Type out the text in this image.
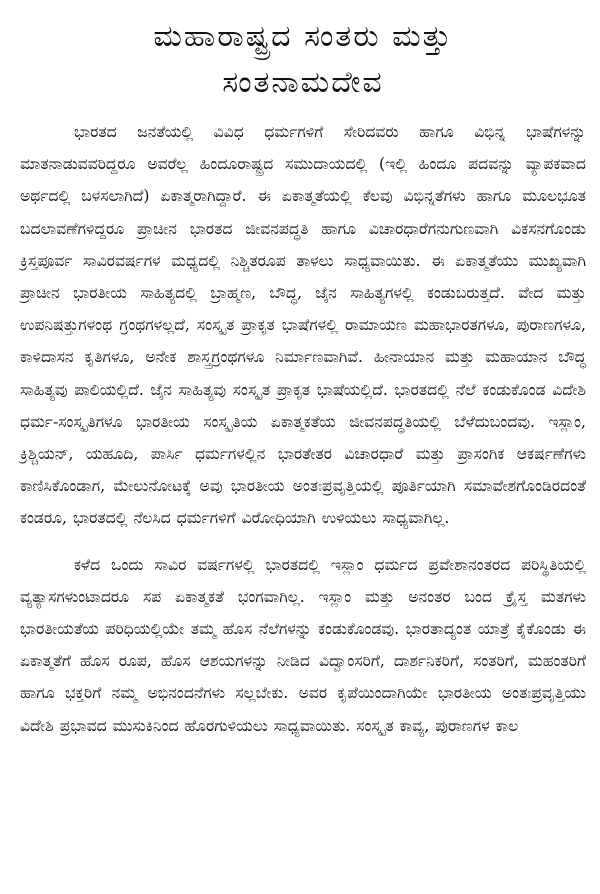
ಮಹಾರಾಷ್ಟ್ರದ ಸಂತರು ಮತ್ತು
ಸಂತನಾಮದೇವ

ಭಾರತದ ಜನತೆಯಲ್ಲಿ ವಿವಿಧ ಧರ್ಮಗಳಿಗೆ ಸೇರಿದವರು ಹಾಗೂ ವಿಭಿನ್ನ ಭಾಷೆಗಳನ್ನು ಮಾತನಾಡುವವರಿದ್ದರೂ ಅವರೆಲ್ಲ ಹಿಂದೂರಾಷ್ಟ್ರದ ಸಮುದಾಯದಲ್ಲಿ (ಇಲ್ಲಿ ಹಿಂದೂ ಪದವನ್ನು ವ್ಯಾಪಕವಾದ ಅರ್ಥದಲ್ಲಿ ಬಳಸಲಾಗಿದೆ) ಏಕಾತ್ಮರಾಗಿದ್ದಾರೆ. ಈ ಏಕಾತ್ಮತೆಯಲ್ಲಿ ಕೆಲವು ವಿಭಿನ್ನತೆಗಳು ಹಾಗೂ ಮೂಲಭೂತ ಬದಲಾವಣೆಗಳಿದ್ದರೂ ಪ್ರಾಚೀನ ಭಾರತದ ಜೀವನಪದ್ಧತಿ ಹಾಗೂ ವಿಚಾರಧಾರೆಗನುಗುಣವಾಗಿ ವಿಕಸನಗೊಂಡು ಕ್ರಿಸ್ತಪೂರ್ವ ಸಾವಿರವರ್ಷಗಳ ಮಧ್ಯದಲ್ಲಿ ನಿಶ್ಚಿತರೂಪ ತಾಳಲು ಸಾಧ್ಯವಾಯಿತು. ಈ ಏಕಾತ್ಮತೆಯು ಮುಖ್ಯವಾಗಿ ಪ್ರಾಚೀನ ಭಾರತೀಯ ಸಾಹಿತ್ಯದಲ್ಲಿ ಬ್ರಾಹ್ಮಣ, ಬೌದ್ಧ, ಜೈನ ಸಾಹಿತ್ಯಗಳಲ್ಲಿ ಕಂಡುಬರುತ್ತದೆ. ವೇದ ಮತ್ತು ಉಪನಿಷತ್ತುಗಳಂಥ ಗ್ರಂಥಗಳಲ್ಲದೆ, ಸಂಸ್ಕೃತ ಪ್ರಾಕೃತ ಭಾಷೆಗಳಲ್ಲಿ ರಾಮಾಯಣ ಮಹಾಭಾರತಗಳೂ, ಪುರಾಣಗಳೂ, ಕಾಳಿದಾಸನ ಕೃತಿಗಳೂ, ಅನೇಕ ಶಾಸ್ತ್ರಗ್ರಂಥಗಳೂ ನಿರ್ಮಾಣವಾಗಿವೆ. ಹೀನಾಯಾನ ಮತ್ತು ಮಹಾಯಾನ ಬೌದ್ಧ ಸಾಹಿತ್ಯವು ಪಾಲಿಯಲ್ಲಿದೆ. ಜೈನ ಸಾಹಿತ್ಯವು ಸಂಸ್ಕೃತ ಪ್ರಾಕೃತ ಭಾಷೆಯಲ್ಲಿದೆ. ಭಾರತದಲ್ಲಿ ನೆಲೆ ಕಂಡುಕೊಂಡ ವಿದೇಶಿ ಧರ್ಮ-ಸಂಸ್ಕೃತಿಗಳೂ ಭಾರತೀಯ ಸಂಸ್ಕೃತಿಯ ಏಕಾತ್ಮಕತೆಯ ಜೀವನಪದ್ಧತಿಯಲ್ಲಿ ಬೆಳೆದುಬಂದವು. ಇಸ್ಲಾಂ, ಕ್ರಿಶ್ಚಿಯನ್, ಯಹೂದಿ, ಪಾರ್ಸಿ ಧರ್ಮಗಳಲ್ಲಿನ ಭಾರತೇತರ ವಿಚಾರಧಾರೆ ಮತ್ತು ಪ್ರಾಸಂಗಿಕ ಆಕರ್ಷಣೆಗಳು ಕಾಣಿಸಿಕೊಂಡಾಗ, ಮೇಲುನೋಟಕ್ಕೆ ಅವು ಭಾರತೀಯ ಅಂತಃಪ್ರವೃತ್ತಿಯಲ್ಲಿ ಪೂರ್ತಿಯಾಗಿ ಸಮಾವೇಶಗೊಂಡಿರದಂತೆ ಕಂಡರೂ, ಭಾರತದಲ್ಲಿ ನೆಲಸಿದ ಧರ್ಮಗಳಿಗೆ ವಿರೋಧಿಯಾಗಿ ಉಳಿಯಲು ಸಾಧ್ಯವಾಗಿಲ್ಲ.

ಕಳೆದ ಒಂದು ಸಾವಿರ ವರ್ಷಗಳಲ್ಲಿ ಭಾರತದಲ್ಲಿ ಇಸ್ಲಾಂ ಧರ್ಮದ ಪ್ರವೇಶಾನಂತರದ ಪರಿಸ್ಥಿತಿಯಲ್ಲಿ ವ್ಯತ್ಯಾಸಗಳುಂಟಾದರೂ ಸಪ ಏಕಾತ್ಮಕತೆ ಭಂಗವಾಗಿಲ್ಲ. ಇಸ್ಲಾಂ ಮತ್ತು ಅನಂತರ ಬಂದ ಕ್ರೈಸ್ತ ಮತಗಳು ಭಾರತೀಯತೆಯ ಪರಿಧಿಯಲ್ಲಿಯೇ ತಮ್ಮ ಹೊಸ ನೆಲೆಗಳನ್ನು ಕಂಡುಕೊಂಡವು. ಭಾರತಾದ್ಯಂತ ಯಾತ್ರೆ ಕೈಕೊಂಡು ಈ ಏಕಾತ್ಮತೆಗೆ ಹೊಸ ರೂಪ, ಹೊಸ ಆಶಯಗಳನ್ನು ನೀಡಿದ ವಿದ್ವಾಂಸರಿಗೆ, ದಾರ್ಶನಿಕರಿಗೆ, ಸಂತರಿಗೆ, ಮಹಂತರಿಗೆ ಹಾಗೂ ಭಕ್ತರಿಗೆ ನಮ್ಮ ಅಭಿನಂದನೆಗಳು ಸಲ್ಲಬೇಕು. ಅವರ ಕೃಪೆಯಿಂದಾಗಿಯೇ ಭಾರತೀಯ ಅಂತಃಪ್ರವೃತ್ತಿಯು ವಿದೇಶಿ ಪ್ರಭಾವದ ಮುಸುಕಿನಿಂದ ಹೊರಗುಳಿಯಲು ಸಾಧ್ಯವಾಯಿತು. ಸಂಸ್ಕೃತ ಕಾವ್ಯ, ಪುರಾಣಗಳ ಕಾಲ
